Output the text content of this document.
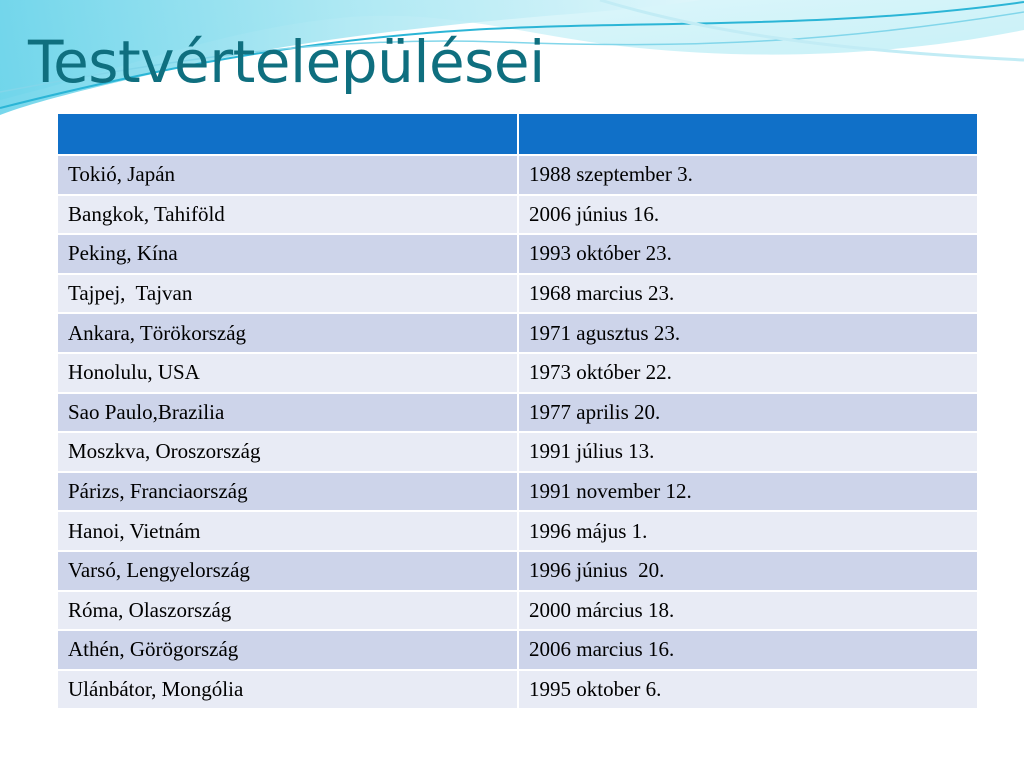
Testvértelepülései

Tokió, Japán	1988 szeptember 3.
Bangkok, Tahiföld	2006 június 16.
Peking, Kína	1993 október 23.
Tajpej,  Tajvan	1968 marcius 23.
Ankara, Törökország	1971 agusztus 23.
Honolulu, USA	1973 október 22.
Sao Paulo,Brazilia	1977 aprilis 20.
Moszkva, Oroszország	1991 július 13.
Párizs, Franciaország	1991 november 12.
Hanoi, Vietnám	1996 május 1.
Varsó, Lengyelország	1996 június  20.
Róma, Olaszország	2000 március 18.
Athén, Görögország	2006 marcius 16.
Ulánbátor, Mongólia	1995 oktober 6.
